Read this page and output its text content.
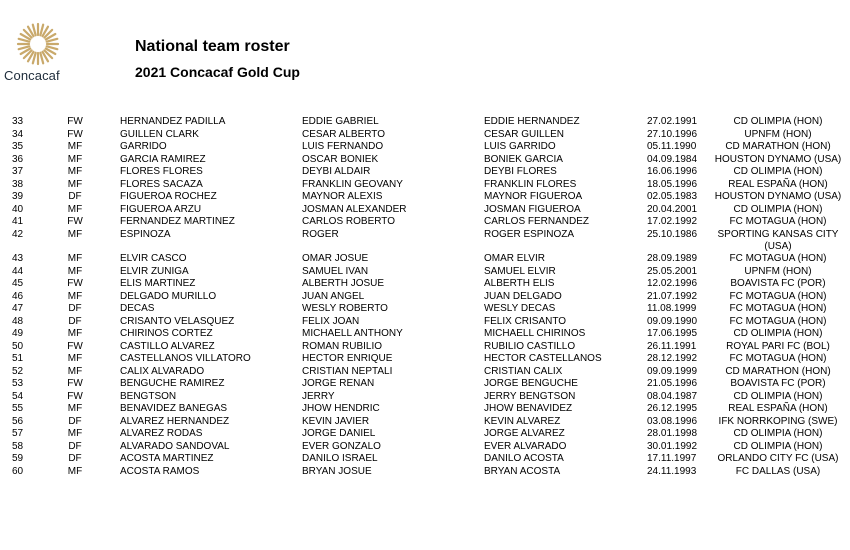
Concacaf
National team roster
2021 Concacaf Gold Cup
33	FW	HERNANDEZ PADILLA	EDDIE GABRIEL	EDDIE HERNANDEZ	27.02.1991	CD OLIMPIA (HON)
34	FW	GUILLEN CLARK	CESAR ALBERTO	CESAR GUILLEN	27.10.1996	UPNFM (HON)
35	MF	GARRIDO	LUIS FERNANDO	LUIS GARRIDO	05.11.1990	CD MARATHON (HON)
36	MF	GARCIA RAMIREZ	OSCAR BONIEK	BONIEK GARCIA	04.09.1984 HOUSTON DYNAMO (USA)
37	MF	FLORES FLORES	DEYBI ALDAIR	DEYBI FLORES	16.06.1996	CD OLIMPIA (HON)
38	MF	FLORES SACAZA	FRANKLIN GEOVANY	FRANKLIN FLORES	18.05.1996	REAL ESPAÑA (HON)
39	DF	FIGUEROA ROCHEZ	MAYNOR ALEXIS	MAYNOR FIGUEROA	02.05.1983 HOUSTON DYNAMO (USA)
40	MF	FIGUEROA ARZU	JOSMAN ALEXANDER	JOSMAN FIGUEROA	20.04.2001	CD OLIMPIA (HON)
41	FW	FERNANDEZ MARTINEZ	CARLOS ROBERTO	CARLOS FERNANDEZ	17.02.1992	FC MOTAGUA (HON)
42	MF	ESPINOZA	ROGER	ROGER ESPINOZA	25.10.1986	SPORTING KANSAS CITY (USA)
43	MF	ELVIR CASCO	OMAR JOSUE	OMAR ELVIR	28.09.1989	FC MOTAGUA (HON)
44	MF	ELVIR ZUNIGA	SAMUEL IVAN	SAMUEL ELVIR	25.05.2001	UPNFM (HON)
45	FW	ELIS MARTINEZ	ALBERTH JOSUE	ALBERTH ELIS	12.02.1996	BOAVISTA FC (POR)
46	MF	DELGADO MURILLO	JUAN ANGEL	JUAN DELGADO	21.07.1992	FC MOTAGUA (HON)
47	DF	DECAS	WESLY ROBERTO	WESLY DECAS	11.08.1999	FC MOTAGUA (HON)
48	DF	CRISANTO VELASQUEZ	FELIX JOAN	FELIX CRISANTO	09.09.1990	FC MOTAGUA (HON)
49	MF	CHIRINOS CORTEZ	MICHAELL ANTHONY	MICHAELL CHIRINOS	17.06.1995	CD OLIMPIA (HON)
50	FW	CASTILLO ALVAREZ	ROMAN RUBILIO	RUBILIO CASTILLO	26.11.1991	ROYAL PARI FC (BOL)
51	MF	CASTELLANOS VILLATORO	HECTOR ENRIQUE	HECTOR CASTELLANOS	28.12.1992	FC MOTAGUA (HON)
52	MF	CALIX ALVARADO	CRISTIAN NEPTALI	CRISTIAN CALIX	09.09.1999	CD MARATHON (HON)
53	FW	BENGUCHE RAMIREZ	JORGE RENAN	JORGE BENGUCHE	21.05.1996	BOAVISTA FC (POR)
54	FW	BENGTSON	JERRY	JERRY BENGTSON	08.04.1987	CD OLIMPIA (HON)
55	MF	BENAVIDEZ BANEGAS	JHOW HENDRIC	JHOW BENAVIDEZ	26.12.1995	REAL ESPAÑA (HON)
56	DF	ALVAREZ HERNANDEZ	KEVIN JAVIER	KEVIN ALVAREZ	03.08.1996	IFK NORRKOPING (SWE)
57	MF	ALVAREZ RODAS	JORGE DANIEL	JORGE ALVAREZ	28.01.1998	CD OLIMPIA (HON)
58	DF	ALVARADO SANDOVAL	EVER GONZALO	EVER ALVARADO	30.01.1992	CD OLIMPIA (HON)
59	DF	ACOSTA MARTINEZ	DANILO ISRAEL	DANILO ACOSTA	17.11.1997	ORLANDO CITY FC (USA)
60	MF	ACOSTA RAMOS	BRYAN JOSUE	BRYAN ACOSTA	24.11.1993	FC DALLAS (USA)
